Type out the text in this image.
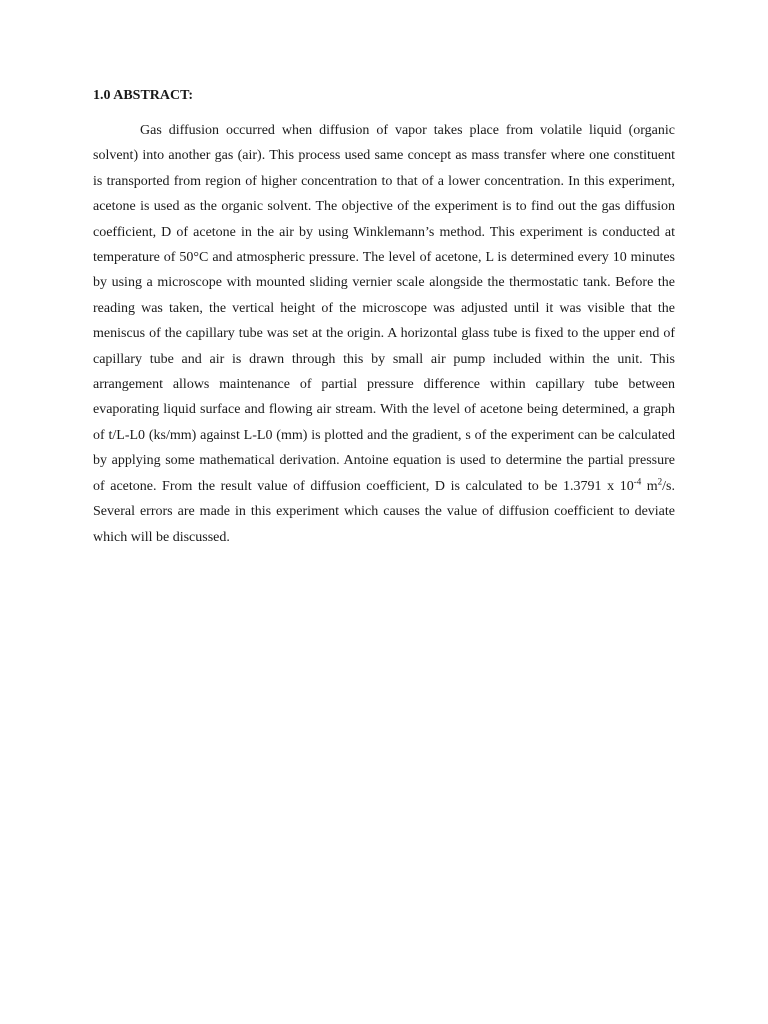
1.0 ABSTRACT:

Gas diffusion occurred when diffusion of vapor takes place from volatile liquid (organic solvent) into another gas (air). This process used same concept as mass transfer where one constituent is transported from region of higher concentration to that of a lower concentration. In this experiment, acetone is used as the organic solvent. The objective of the experiment is to find out the gas diffusion coefficient, D of acetone in the air by using Winklemann’s method. This experiment is conducted at temperature of 50°C and atmospheric pressure. The level of acetone, L is determined every 10 minutes by using a microscope with mounted sliding vernier scale alongside the thermostatic tank. Before the reading was taken, the vertical height of the microscope was adjusted until it was visible that the meniscus of the capillary tube was set at the origin. A horizontal glass tube is fixed to the upper end of capillary tube and air is drawn through this by small air pump included within the unit. This arrangement allows maintenance of partial pressure difference within capillary tube between evaporating liquid surface and flowing air stream. With the level of acetone being determined, a graph of t/L-L0 (ks/mm) against L-L0 (mm) is plotted and the gradient, s of the experiment can be calculated by applying some mathematical derivation. Antoine equation is used to determine the partial pressure of acetone. From the result value of diffusion coefficient, D is calculated to be 1.3791 x $10^{-4}$ $m^2/s$. Several errors are made in this experiment which causes the value of diffusion coefficient to deviate which will be discussed.
